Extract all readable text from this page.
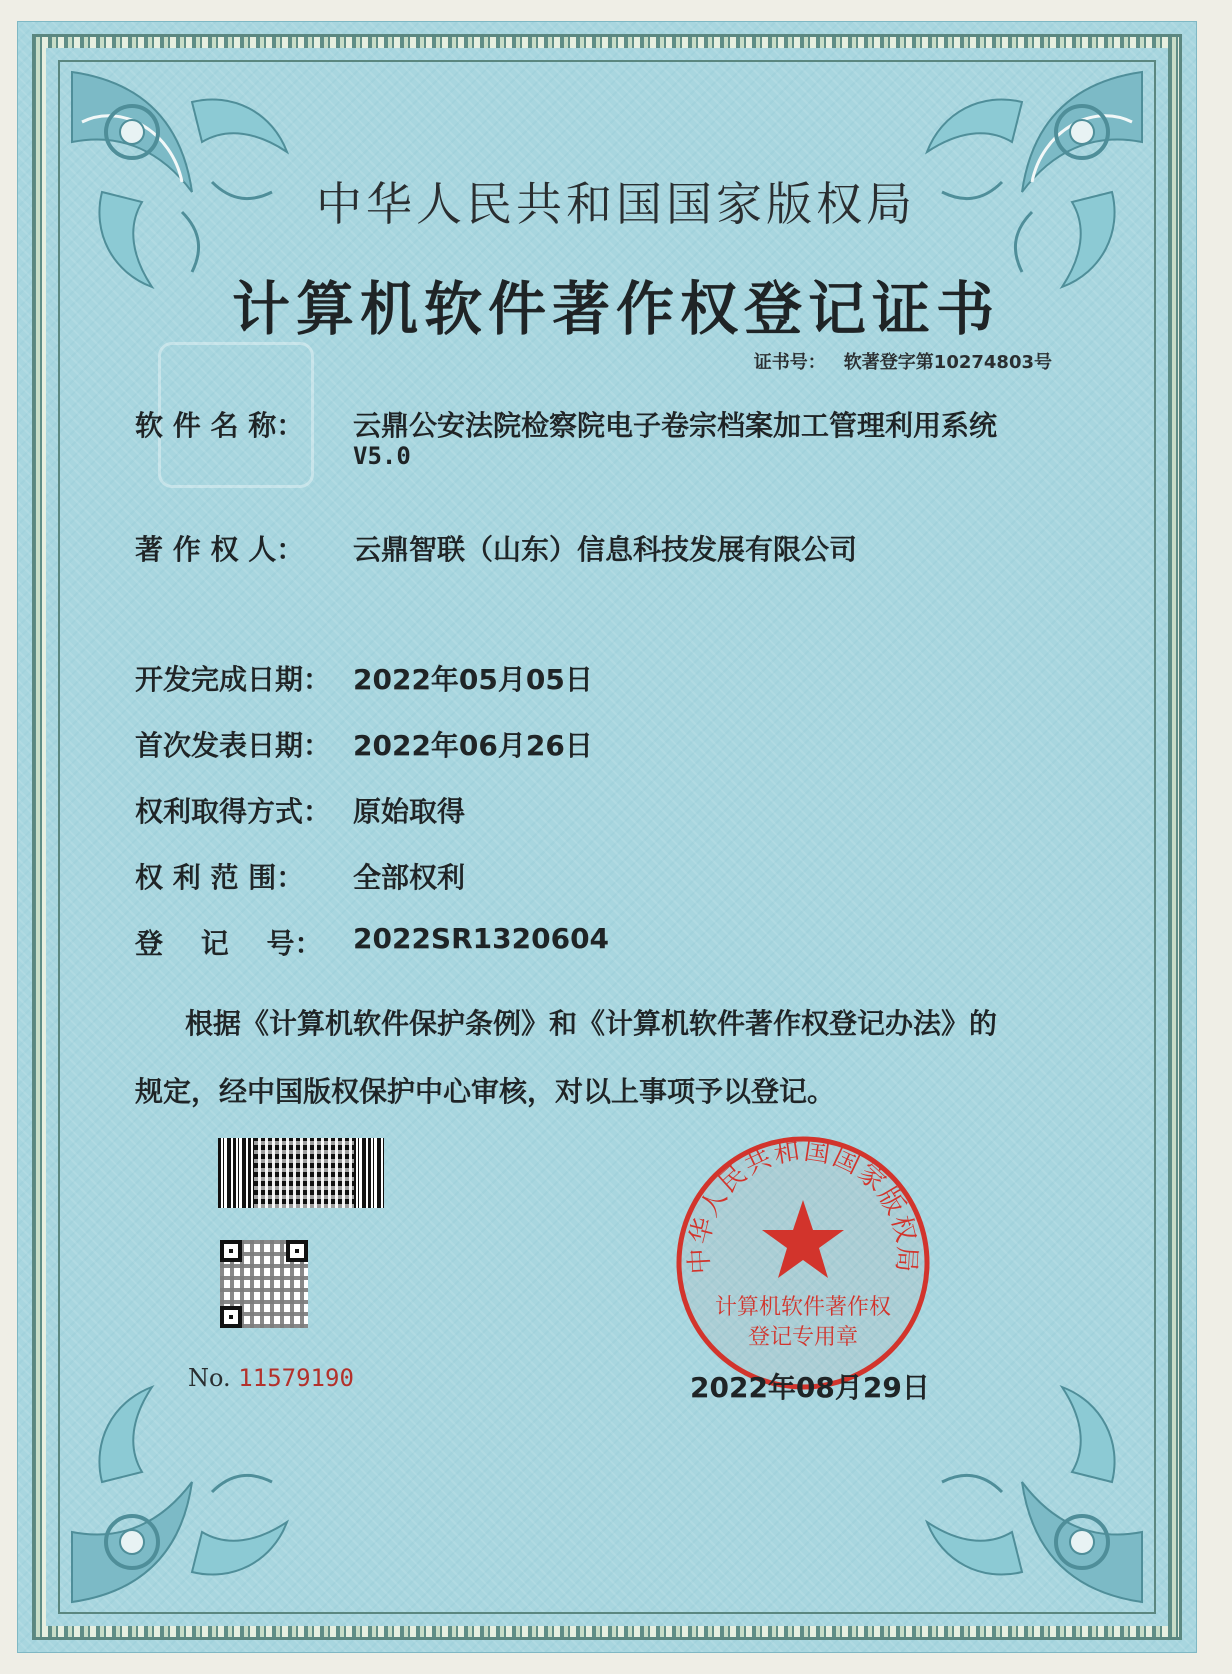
中华人民共和国国家版权局
计算机软件著作权登记证书
证书号： 软著登字第10274803号
软 件 名 称：	云鼎公安法院检察院电子卷宗档案加工管理利用系统
V5.0
著 作 权 人：	云鼎智联（山东）信息科技发展有限公司
开发完成日期： 2022年05月05日
首次发表日期： 2022年06月26日
权利取得方式： 原始取得
权 利 范 围：	全部权利
登　 记　 号：	2022SR1320604
根据《计算机软件保护条例》和《计算机软件著作权登记办法》的
规定，经中国版权保护中心审核，对以上事项予以登记。
No. 11579190
中华人民共和国国家版权局
计算机软件著作权
登记专用章
2022年08月29日
